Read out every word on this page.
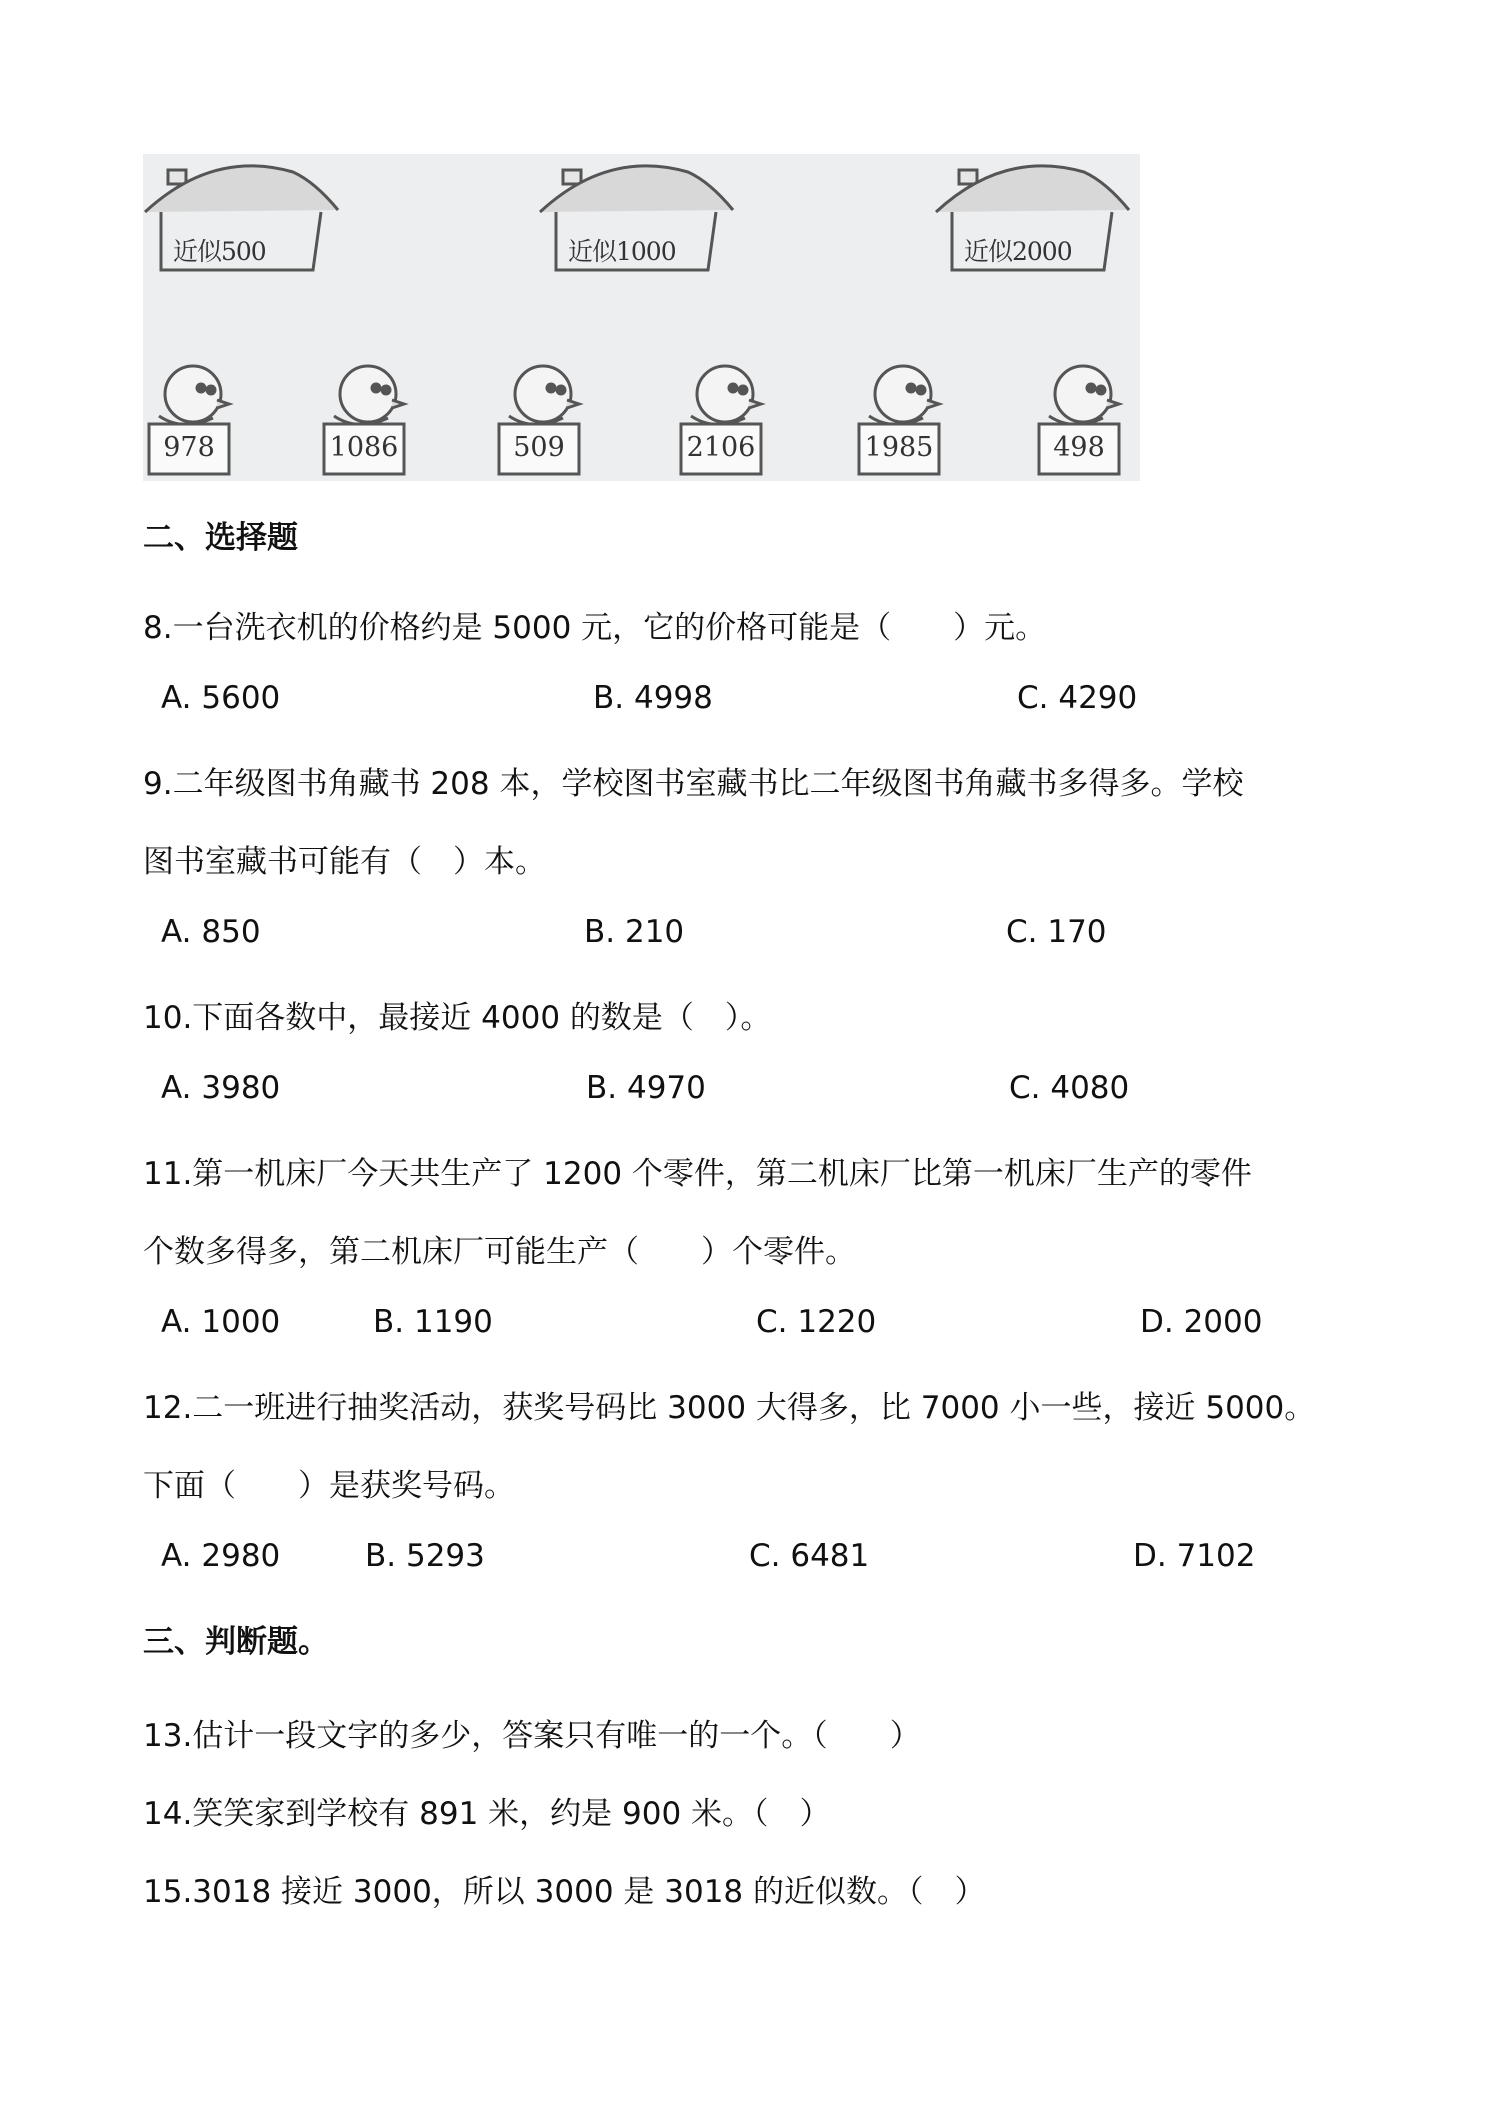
近似500	近似1000	近似2000
978	1086	509	2106	1985	498
二、选择题
8.一台洗衣机的价格约是 5000 元，它的价格可能是（　　）元。
A. 5600	B. 4998	C. 4290
9.二年级图书角藏书 208 本，学校图书室藏书比二年级图书角藏书多得多。学校
图书室藏书可能有（　）本。
A. 850	B. 210	C. 170
10.下面各数中，最接近 4000 的数是（　）。
A. 3980	B. 4970	C. 4080
11.第一机床厂今天共生产了 1200 个零件，第二机床厂比第一机床厂生产的零件
个数多得多，第二机床厂可能生产（　　）个零件。
A. 1000	B. 1190	C. 1220	D. 2000
12.二一班进行抽奖活动，获奖号码比 3000 大得多，比 7000 小一些，接近 5000。
下面（　　）是获奖号码。
A. 2980	B. 5293	C. 6481	D. 7102
三、判断题。
13.估计一段文字的多少，答案只有唯一的一个。（　　）
14.笑笑家到学校有 891 米，约是 900 米。（　）
15.3018 接近 3000，所以 3000 是 3018 的近似数。（　）
